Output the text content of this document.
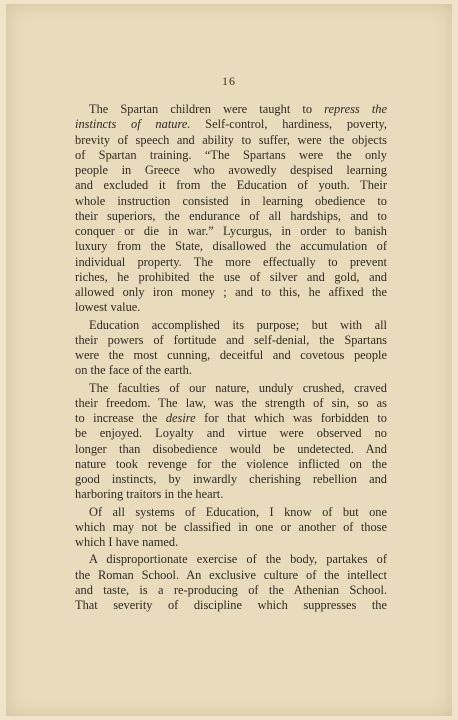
16
The Spartan children were taught to repress the
instincts of nature. Self-control, hardiness, poverty,
brevity of speech and ability to suffer, were the objects
of Spartan training. “The Spartans were the only
people in Greece who avowedly despised learning
and excluded it from the Education of youth. Their
whole instruction consisted in learning obedience to
their superiors, the endurance of all hardships, and to
conquer or die in war.” Lycurgus, in order to banish
luxury from the State, disallowed the accumulation of
individual property. The more effectually to prevent
riches, he prohibited the use of silver and gold, and
allowed only iron money ; and to this, he affixed the
lowest value.
Education accomplished its purpose; but with all
their powers of fortitude and self-denial, the Spartans
were the most cunning, deceitful and covetous people
on the face of the earth.
The faculties of our nature, unduly crushed, craved
their freedom. The law, was the strength of sin, so as
to increase the desire for that which was forbidden to
be enjoyed. Loyalty and virtue were observed no
longer than disobedience would be undetected. And
nature took revenge for the violence inflicted on the
good instincts, by inwardly cherishing rebellion and
harboring traitors in the heart.
Of all systems of Education, I know of but one
which may not be classified in one or another of those
which I have named.
A disproportionate exercise of the body, partakes of
the Roman School. An exclusive culture of the intellect
and taste, is a re-producing of the Athenian School.
That severity of discipline which suppresses the
